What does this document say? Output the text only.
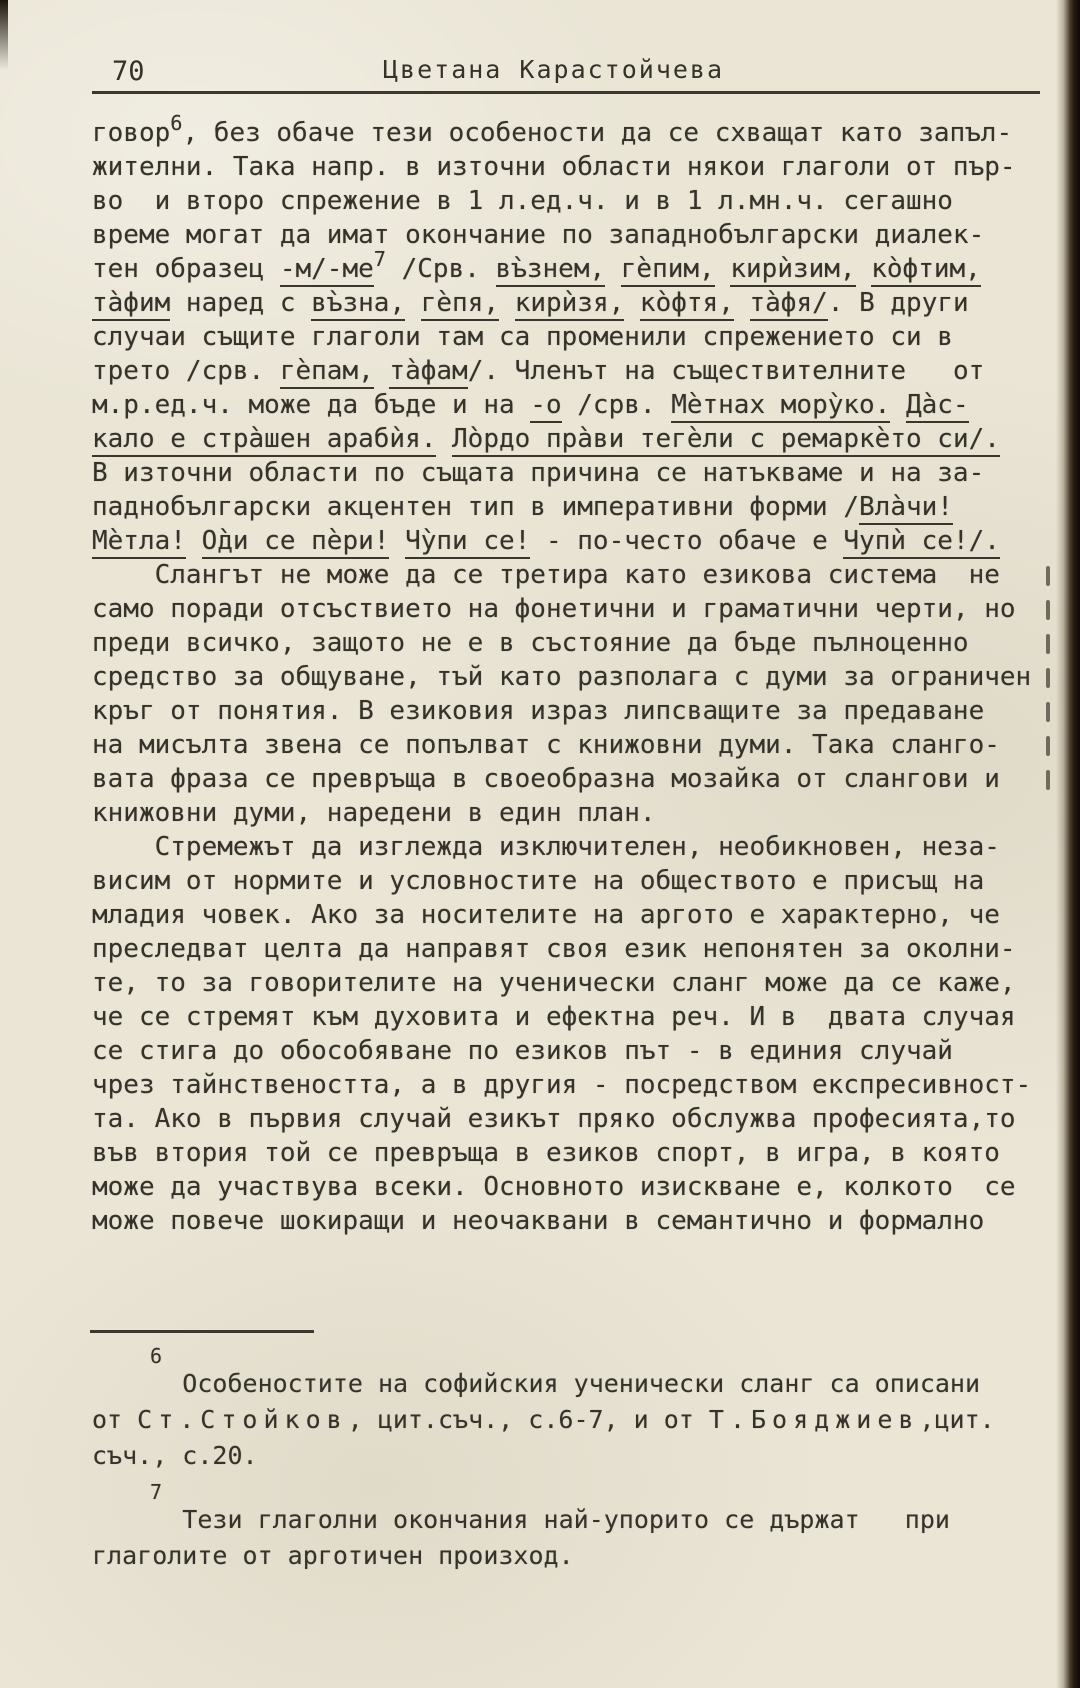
70	Цветана Карастойчева
говор$^6$, без обаче тези особености да се схващат като запъл-
жителни. Така напр. в източни области някои глаголи от пър-
во  и второ спрежение в 1 л.ед.ч. и в 1 л.мн.ч. сегашно
време могат да имат окончание по западнобългарски диалек-
тен образец $-м/-ме^7$ /Срв. въ̀знем, гѐпим, кирѝзим, ко̀фтим,
та̀фим наред с въ̀зна, гѐпя, кирѝзя, ко̀фтя, та̀фя/. В други
случаи същите глаголи там са променили спрежението си в
трето /срв. гѐпам, та̀фам/. Членът на съществителните   от
м.р.ед.ч. може да бъде и на -о /срв. Мѐтнах мору̀ко. Да̀с-
кало е стра̀шен арабѝя. Ло̀рдо пра̀ви тегѐли с ремаркѐто си/.
В източни области по същата причина се натъкваме и на за-
паднобългарски акцентен тип в императивни форми /Вла̀чи!
Мѐтла! О̀ди се пѐри! Чу̀пи се! - по-често обаче е Чупѝ се!/.
Слангът не може да се третира като езикова система  не
само поради отсъствието на фонетични и граматични черти, но
преди всичко, защото не е в състояние да бъде пълноценно
средство за общуване, тъй като разполага с думи за ограничен
кръг от понятия. В езиковия израз липсващите за предаване
на мисълта звена се попълват с книжовни думи. Така сланго-
вата фраза се превръща в своеобразна мозайка от слангови и
книжовни думи, наредени в един план.
Стремежът да изглежда изключителен, необикновен, неза-
висим от нормите и условностите на обществото е присъщ на
младия човек. Ако за носителите на аргото е характерно, че
преследват целта да направят своя език непонятен за околни-
те, то за говорителите на ученически сланг може да се каже,
че се стремят към духовита и ефектна реч. И в  двата случая
се стига до обособяване по езиков път - в единия случай
чрез тайнствеността, а в другия - посредством експресивност-
та. Ако в първия случай езикът пряко обслужва професията,то
във втория той се превръща в езиков спорт, в игра, в която
може да участвува всеки. Основното изискване е, колкото  се
може повече шокиращи и неочаквани в семантично и формално
6
Особеностите на софийския ученически сланг са описани
от Ст.Стойков, цит.съч., с.6-7, и от Т.Бояджиев,цит.
съч., с.20.
7
Тези глаголни окончания най-упорито се държат   при
глаголите от арготичен произход.
